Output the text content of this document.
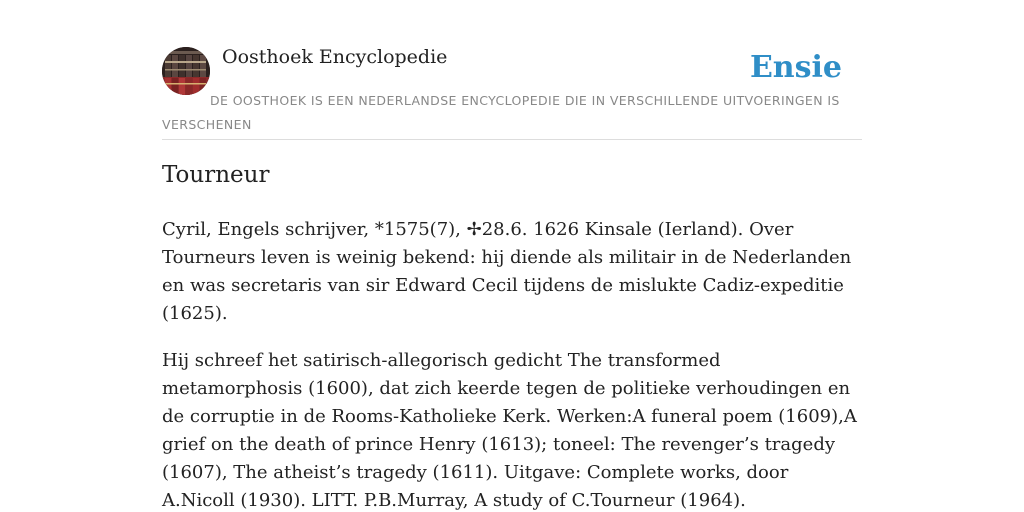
Oosthoek Encyclopedie	Ensie
DE OOSTHOEK IS EEN NEDERLANDSE ENCYCLOPEDIE DIE IN VERSCHILLENDE UITVOERINGEN IS VERSCHENEN
Tourneur

Cyril, Engels schrijver, *1575(7), ✢28.6. 1626 Kinsale (Ierland). Over Tourneurs leven is weinig bekend: hij diende als militair in de Nederlanden en was secretaris van sir Edward Cecil tijdens de mislukte Cadiz-expeditie (1625).

Hij schreef het satirisch-allegorisch gedicht The transformed metamorphosis (1600), dat zich keerde tegen de politieke verhoudingen en de corruptie in de Rooms-Katholieke Kerk. Werken:A funeral poem (1609),A grief on the death of prince Henry (1613); toneel: The revenger’s tragedy (1607), The atheist’s tragedy (1611). Uitgave: Complete works, door A.Nicoll (1930). LITT. P.B.Murray, A study of C.Tourneur (1964).
